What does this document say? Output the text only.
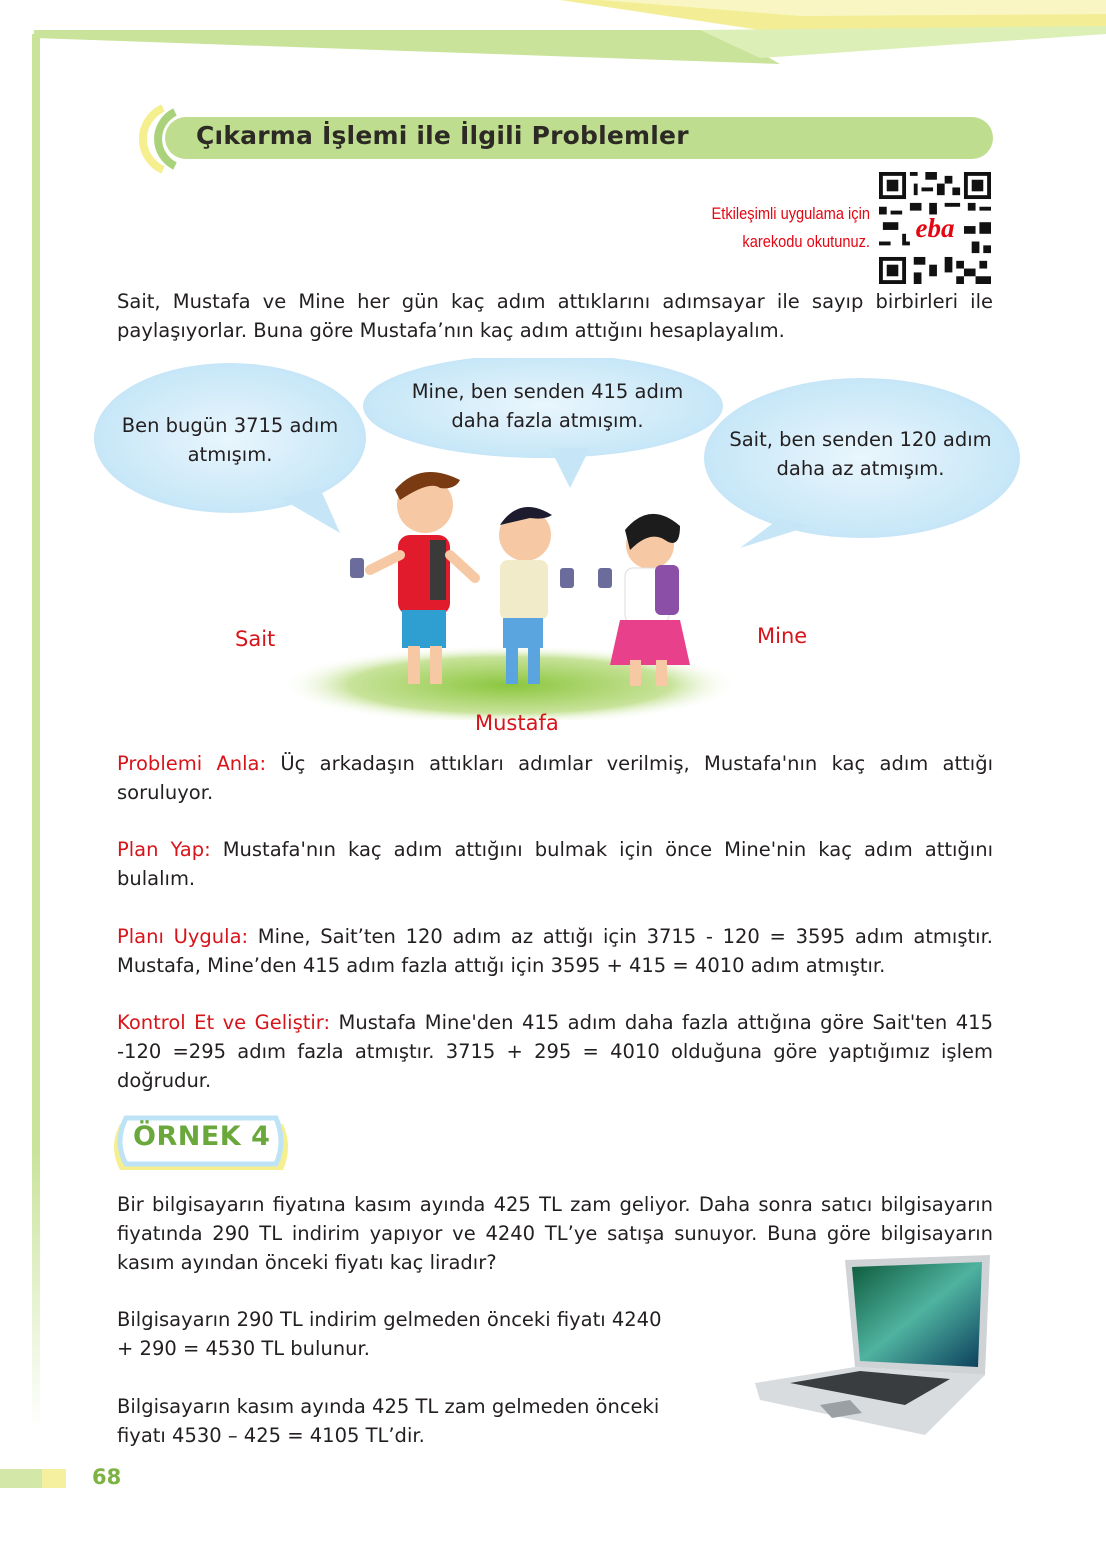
Çıkarma İşlemi ile İlgili Problemler
Etkileşimli uygulama için
karekodu okutunuz.	eba
Sait, Mustafa ve Mine her gün kaç adım attıklarını adımsayar ile sayıp birbirleri ile paylaşıyorlar. Buna göre Mustafa’nın kaç adım attığını hesaplayalım.
Ben bugün 3715 adım atmışım.
Mine, ben senden 415 adım daha fazla atmışım.
Sait, ben senden 120 adım daha az atmışım.
Sait	Mine
Mustafa
Problemi Anla: Üç arkadaşın attıkları adımlar verilmiş, Mustafa'nın kaç adım attığı soruluyor.
Plan Yap: Mustafa'nın kaç adım attığını bulmak için önce Mine'nin kaç adım attığını bulalım.
Planı Uygula: Mine, Sait’ten 120 adım az attığı için 3715 - 120 = 3595 adım atmıştır. Mustafa, Mine’den 415 adım fazla attığı için 3595 + 415 = 4010 adım atmıştır.
Kontrol Et ve Geliştir: Mustafa Mine'den 415 adım daha fazla attığına göre Sait'ten 415 -120 =295 adım fazla atmıştır. 3715 + 295 = 4010 olduğuna göre yaptığımız işlem doğrudur.
ÖRNEK 4
Bir bilgisayarın fiyatına kasım ayında 425 TL zam geliyor. Daha sonra satıcı bilgisayarın fiyatında 290 TL indirim yapıyor ve 4240 TL’ye satışa sunuyor. Buna göre bilgisayarın kasım ayından önceki fiyatı kaç liradır?
Bilgisayarın 290 TL indirim gelmeden önceki fiyatı 4240 + 290 = 4530 TL bulunur.
Bilgisayarın kasım ayında 425 TL zam gelmeden önceki fiyatı 4530 – 425 = 4105 TL’dir.
68
